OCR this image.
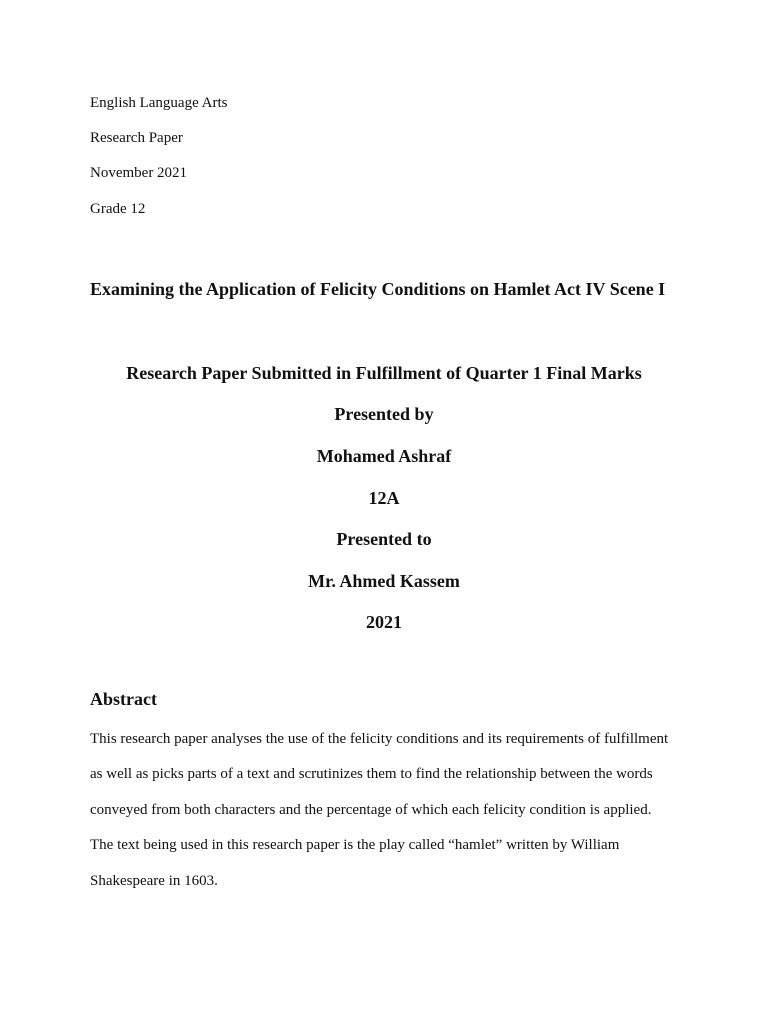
English Language Arts
Research Paper
November 2021
Grade 12
Examining the Application of Felicity Conditions on Hamlet Act IV Scene I
Research Paper Submitted in Fulfillment of Quarter 1 Final Marks
Presented by
Mohamed Ashraf
12A
Presented to
Mr. Ahmed Kassem
2021
Abstract
This research paper analyses the use of the felicity conditions and its requirements of fulfillment
as well as picks parts of a text and scrutinizes them to find the relationship between the words
conveyed from both characters and the percentage of which each felicity condition is applied.
The text being used in this research paper is the play called “hamlet” written by William
Shakespeare in 1603.
